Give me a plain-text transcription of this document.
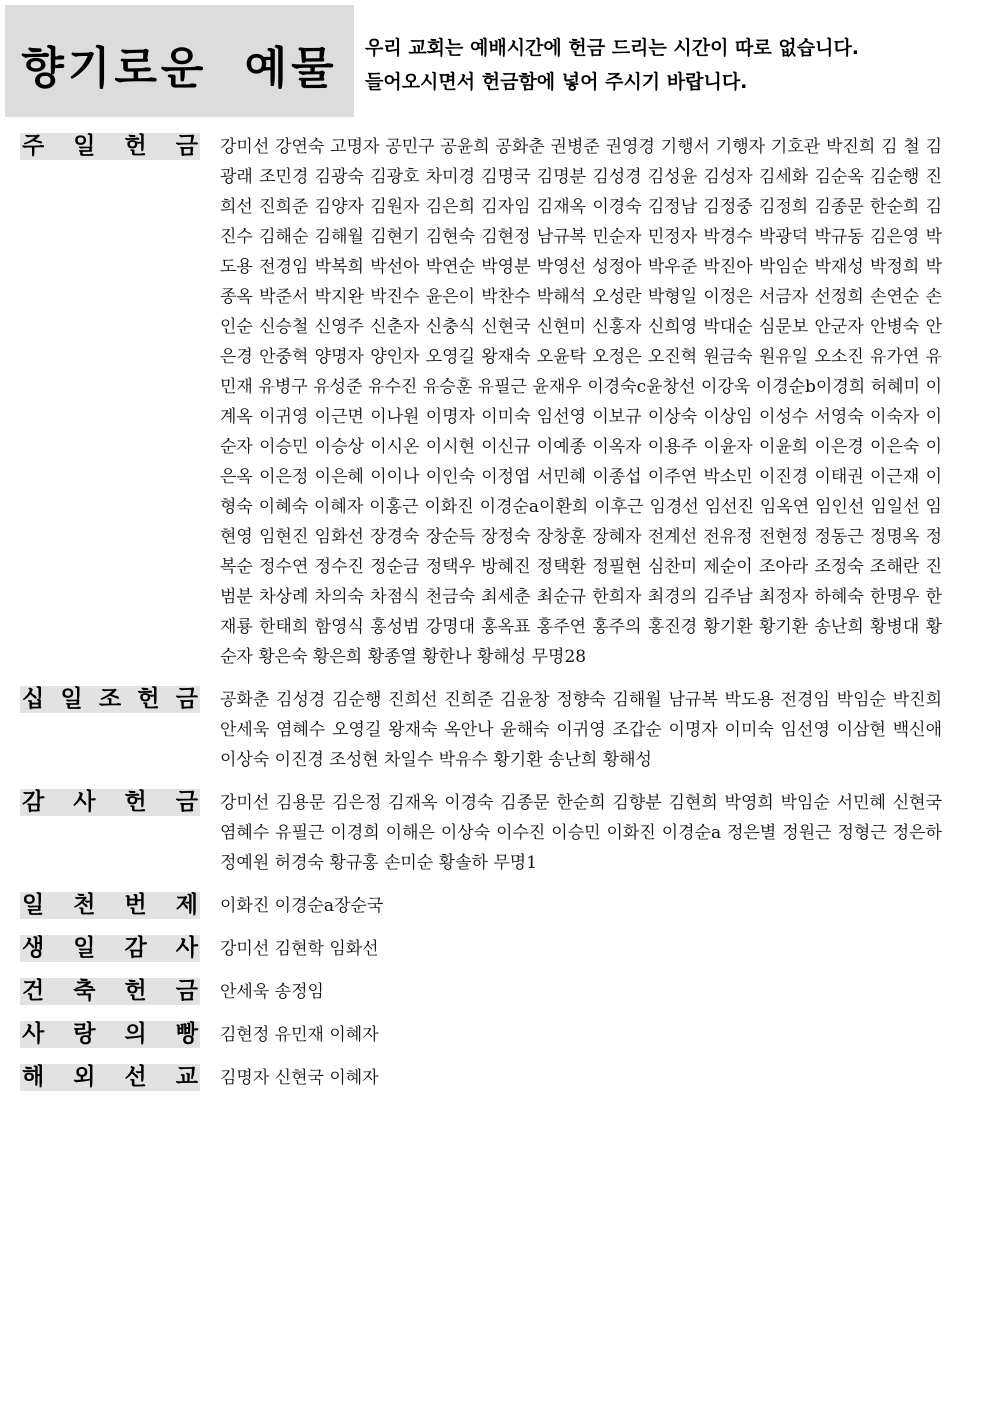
향기로운 예물 우리 교회는 예배시간에 헌금 드리는 시간이 따로 없습니다.
들어오시면서 헌금함에 넣어 주시기 바랍니다.
주 일 헌 금 강미선 강연숙 고명자 공민구 공윤희 공화춘 권병준 권영경 기행서 기행자 기호관 박진희 김 철 김광래 조민경 김광숙 김광호 차미경 김명국 김명분 김성경 김성윤 김성자 김세화 김순옥 김순행 진희선 진희준 김양자 김원자 김은희 김자임 김재옥 이경숙 김정남 김정중 김정희 김종문 한순희 김진수 김해순 김해월 김현기 김현숙 김현정 남규복 민순자 민정자 박경수 박광덕 박규동 김은영 박도용 전경임 박복희 박선아 박연순 박영분 박영선 성정아 박우준 박진아 박임순 박재성 박정희 박종옥 박준서 박지완 박진수 윤은이 박찬수 박해석 오성란 박형일 이정은 서금자 선정희 손연순 손인순 신승철 신영주 신춘자 신충식 신현국 신현미 신홍자 신희영 박대순 심문보 안군자 안병숙 안은경 안중혁 양명자 양인자 오영길 왕재숙 오윤탁 오정은 오진혁 원금숙 원유일 오소진 유가연 유민재 유병구 유성준 유수진 유승훈 유필근 윤재우 이경숙c윤창선 이강욱 이경순b이경희 허혜미 이계옥 이귀영 이근면 이나원 이명자 이미숙 임선영 이보규 이상숙 이상임 이성수 서영숙 이숙자 이순자 이승민 이승상 이시온 이시현 이신규 이예종 이옥자 이용주 이윤자 이윤희 이은경 이은숙 이은옥 이은정 이은혜 이이나 이인숙 이정엽 서민혜 이종섭 이주연 박소민 이진경 이태권 이근재 이형숙 이혜숙 이혜자 이홍근 이화진 이경순a이환희 이후근 임경선 임선진 임옥연 임인선 임일선 임현영 임현진 임화선 장경숙 장순득 장정숙 장창훈 장혜자 전계선 전유정 전현정 정동근 정명옥 정복순 정수연 정수진 정순금 정택우 방혜진 정택환 정필현 심찬미 제순이 조아라 조정숙 조해란 진범분 차상례 차의숙 차점식 천금숙 최세춘 최순규 한희자 최경의 김주남 최정자 하혜숙 한명우 한재룡 한태희 함영식 홍성범 강명대 홍옥표 홍주연 홍주의 홍진경 황기환 황기환 송난희 황병대 황순자 황은숙 황은희 황종열 황한나 황해성 무명28
십 일 조 헌 금 공화춘 김성경 김순행 진희선 진희준 김윤창 정향숙 김해월 남규복 박도용 전경임 박임순 박진희 안세욱 염혜수 오영길 왕재숙 옥안나 윤해숙 이귀영 조갑순 이명자 이미숙 임선영 이삼현 백신애 이상숙 이진경 조성현 차일수 박유수 황기환 송난희 황해성
감 사 헌 금 강미선 김용문 김은정 김재옥 이경숙 김종문 한순희 김향분 김현희 박영희 박임순 서민혜 신현국 염혜수 유필근 이경희 이해은 이상숙 이수진 이승민 이화진 이경순a 정은별 정원근 정형근 정은하 정예원 허경숙 황규홍 손미순 황솔하 무명1
일 천 번 제 이화진 이경순a장순국
생 일 감 사 강미선 김현학 임화선
건 축 헌 금 안세욱 송정임
사 랑 의 빵 김현정 유민재 이혜자
해 외 선 교 김명자 신현국 이혜자
